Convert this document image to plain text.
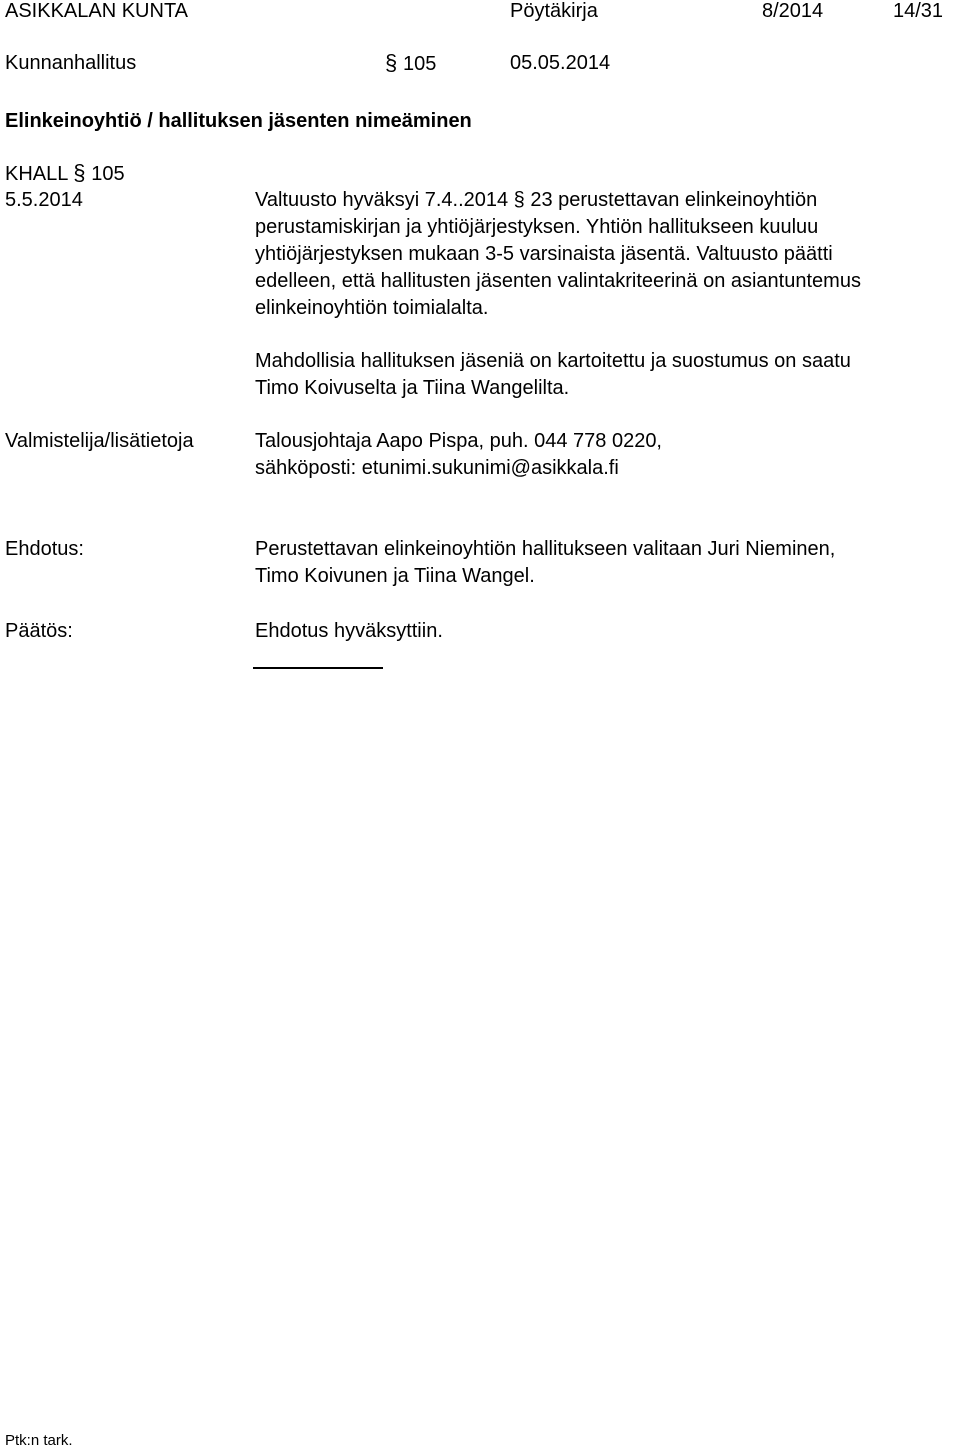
ASIKKALAN KUNTA	Pöytäkirja	8/2014	14/31
Kunnanhallitus	§ 105	05.05.2014
Elinkeinoyhtiö / hallituksen jäsenten nimeäminen
KHALL § 105
5.5.2014	Valtuusto hyväksyi 7.4..2014 § 23 perustettavan elinkeinoyhtiön
perustamiskirjan ja yhtiöjärjestyksen. Yhtiön hallitukseen kuuluu
yhtiöjärjestyksen mukaan 3-5 varsinaista jäsentä. Valtuusto päätti
edelleen, että hallitusten jäsenten valintakriteerinä on asiantuntemus
elinkeinoyhtiön toimialalta.
Mahdollisia hallituksen jäseniä on kartoitettu ja suostumus on saatu
Timo Koivuselta ja Tiina Wangelilta.
Valmistelija/lisätietoja	Talousjohtaja Aapo Pispa, puh. 044 778 0220,
sähköposti: etunimi.sukunimi@asikkala.fi
Ehdotus:	Perustettavan elinkeinoyhtiön hallitukseen valitaan Juri Nieminen,
Timo Koivunen ja Tiina Wangel.
Päätös:	Ehdotus hyväksyttiin.
Ptk:n tark.
